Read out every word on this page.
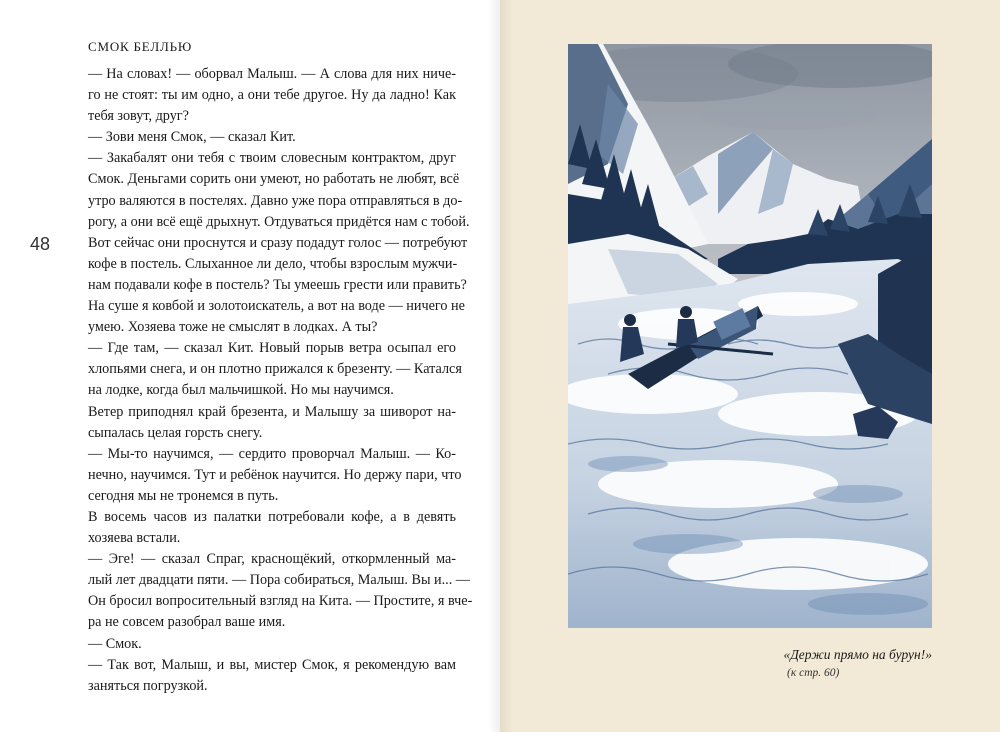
СМОК БЕЛЛЬЮ
48
— На словах! — оборвал Малыш. — А слова для них ниче-
го не стоят: ты им одно, а они тебе другое. Ну да ладно! Как
тебя зовут, друг?
— Зови меня Смок, — сказал Кит.
— Закабалят они тебя с твоим словесным контрактом, друг
Смок. Деньгами сорить они умеют, но работать не любят, всё
утро валяются в постелях. Давно уже пора отправляться в до-
рогу, а они всё ещё дрыхнут. Отдуваться придётся нам с тобой.
Вот сейчас они проснутся и сразу подадут голос — потребуют
кофе в постель. Слыханное ли дело, чтобы взрослым мужчи-
нам подавали кофе в постель? Ты умеешь грести или править?
На суше я ковбой и золотоискатель, а вот на воде — ничего не
умею. Хозяева тоже не смыслят в лодках. А ты?
— Где там, — сказал Кит. Новый порыв ветра осыпал его
хлопьями снега, и он плотно прижался к брезенту. — Катался
на лодке, когда был мальчишкой. Но мы научимся.
Ветер приподнял край брезента, и Малышу за шиворот на-
сыпалась целая горсть снегу.
— Мы-то научимся, — сердито проворчал Малыш. — Ко-
нечно, научимся. Тут и ребёнок научится. Но держу пари, что
сегодня мы не тронемся в путь.
В восемь часов из палатки потребовали кофе, а в девять
хозяева встали.
— Эге! — сказал Спраг, краснощёкий, откормленный ма-
лый лет двадцати пяти. — Пора собираться, Малыш. Вы и... —
Он бросил вопросительный взгляд на Кита. — Простите, я вче-
ра не совсем разобрал ваше имя.
— Смок.
— Так вот, Малыш, и вы, мистер Смок, я рекомендую вам
заняться погрузкой.
«Держи прямо на бурун!»
(к стр. 60)
